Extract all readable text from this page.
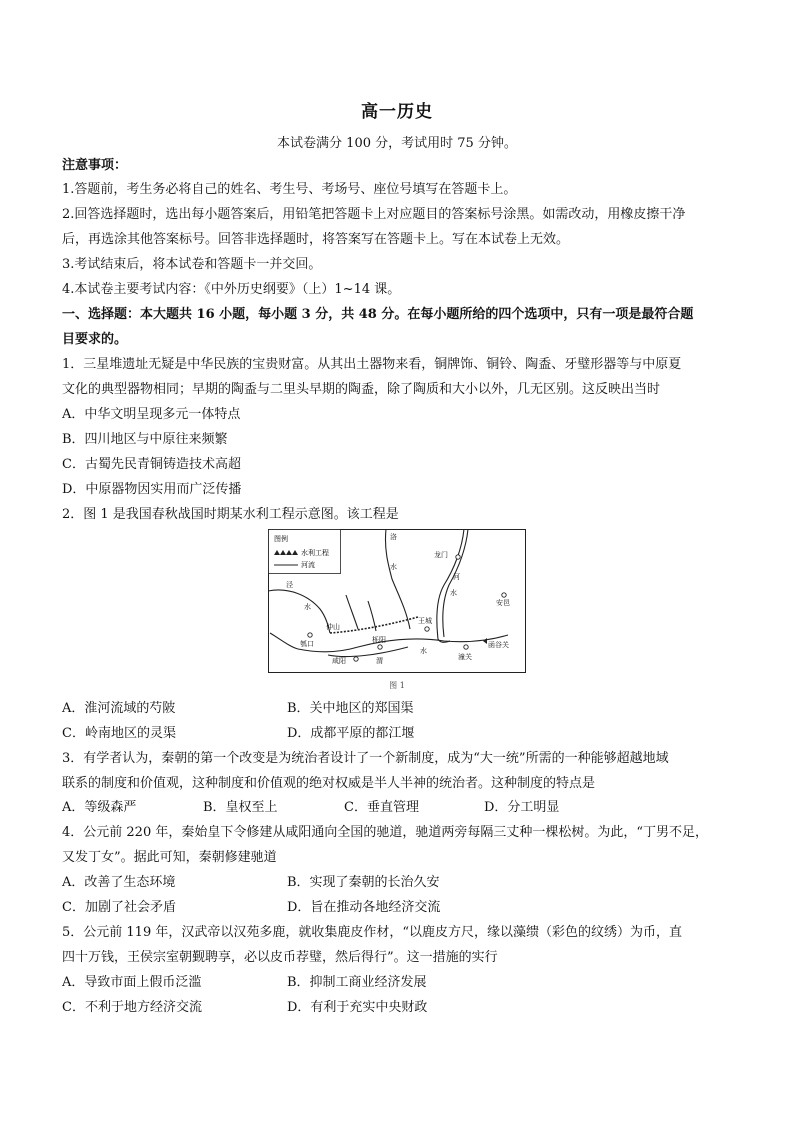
高一历史
本试卷满分 100 分，考试用时 75 分钟。
注意事项：
1.答题前，考生务必将自己的姓名、考生号、考场号、座位号填写在答题卡上。
2.回答选择题时，选出每小题答案后，用铅笔把答题卡上对应题目的答案标号涂黑。如需改动，用橡皮擦干净
后，再选涂其他答案标号。回答非选择题时，将答案写在答题卡上。写在本试卷上无效。
3.考试结束后，将本试卷和答题卡一并交回。
4.本试卷主要考试内容：《中外历史纲要》（上）1~14 课。
一、选择题：本大题共 16 小题，每小题 3 分，共 48 分。在每小题所给的四个选项中，只有一项是最符合题
目要求的。
1．三星堆遗址无疑是中华民族的宝贵财富。从其出土器物来看，铜牌饰、铜铃、陶盉、牙璧形器等与中原夏
文化的典型器物相同；早期的陶盉与二里头早期的陶盉，除了陶质和大小以外，几无区别。这反映出当时
A．中华文明呈现多元一体特点
B．四川地区与中原往来频繁
C．古蜀先民青铜铸造技术高超
D．中原器物因实用而广泛传播
2．图 1 是我国春秋战国时期某水利工程示意图。该工程是
图例
水利工程
河流
洛
水
龙门
河
水
安邑
泾
水
仲山
王城
瓠口	栎阳
咸阳	渭
水
函谷关
潼关
图 1
A．淮河流域的芍陂	B．关中地区的郑国渠
C．岭南地区的灵渠	D．成都平原的都江堰
3．有学者认为，秦朝的第一个改变是为统治者设计了一个新制度，成为“大一统”所需的一种能够超越地域
联系的制度和价值观，这种制度和价值观的绝对权威是半人半神的统治者。这种制度的特点是
A．等级森严	B．皇权至上	C．垂直管理	D．分工明显
4．公元前 220 年，秦始皇下令修建从咸阳通向全国的驰道，驰道两旁每隔三丈种一棵松树。为此，“丁男不足，
又发丁女”。据此可知，秦朝修建驰道
A．改善了生态环境	B．实现了秦朝的长治久安
C．加剧了社会矛盾	D．旨在推动各地经济交流
5．公元前 119 年，汉武帝以汉苑多鹿，就收集鹿皮作材，“以鹿皮方尺，缘以藻缋（彩色的纹绣）为币，直
四十万钱，王侯宗室朝觐聘享，必以皮币荐璧，然后得行”。这一措施的实行
A．导致市面上假币泛滥	B．抑制工商业经济发展
C．不利于地方经济交流	D．有利于充实中央财政
